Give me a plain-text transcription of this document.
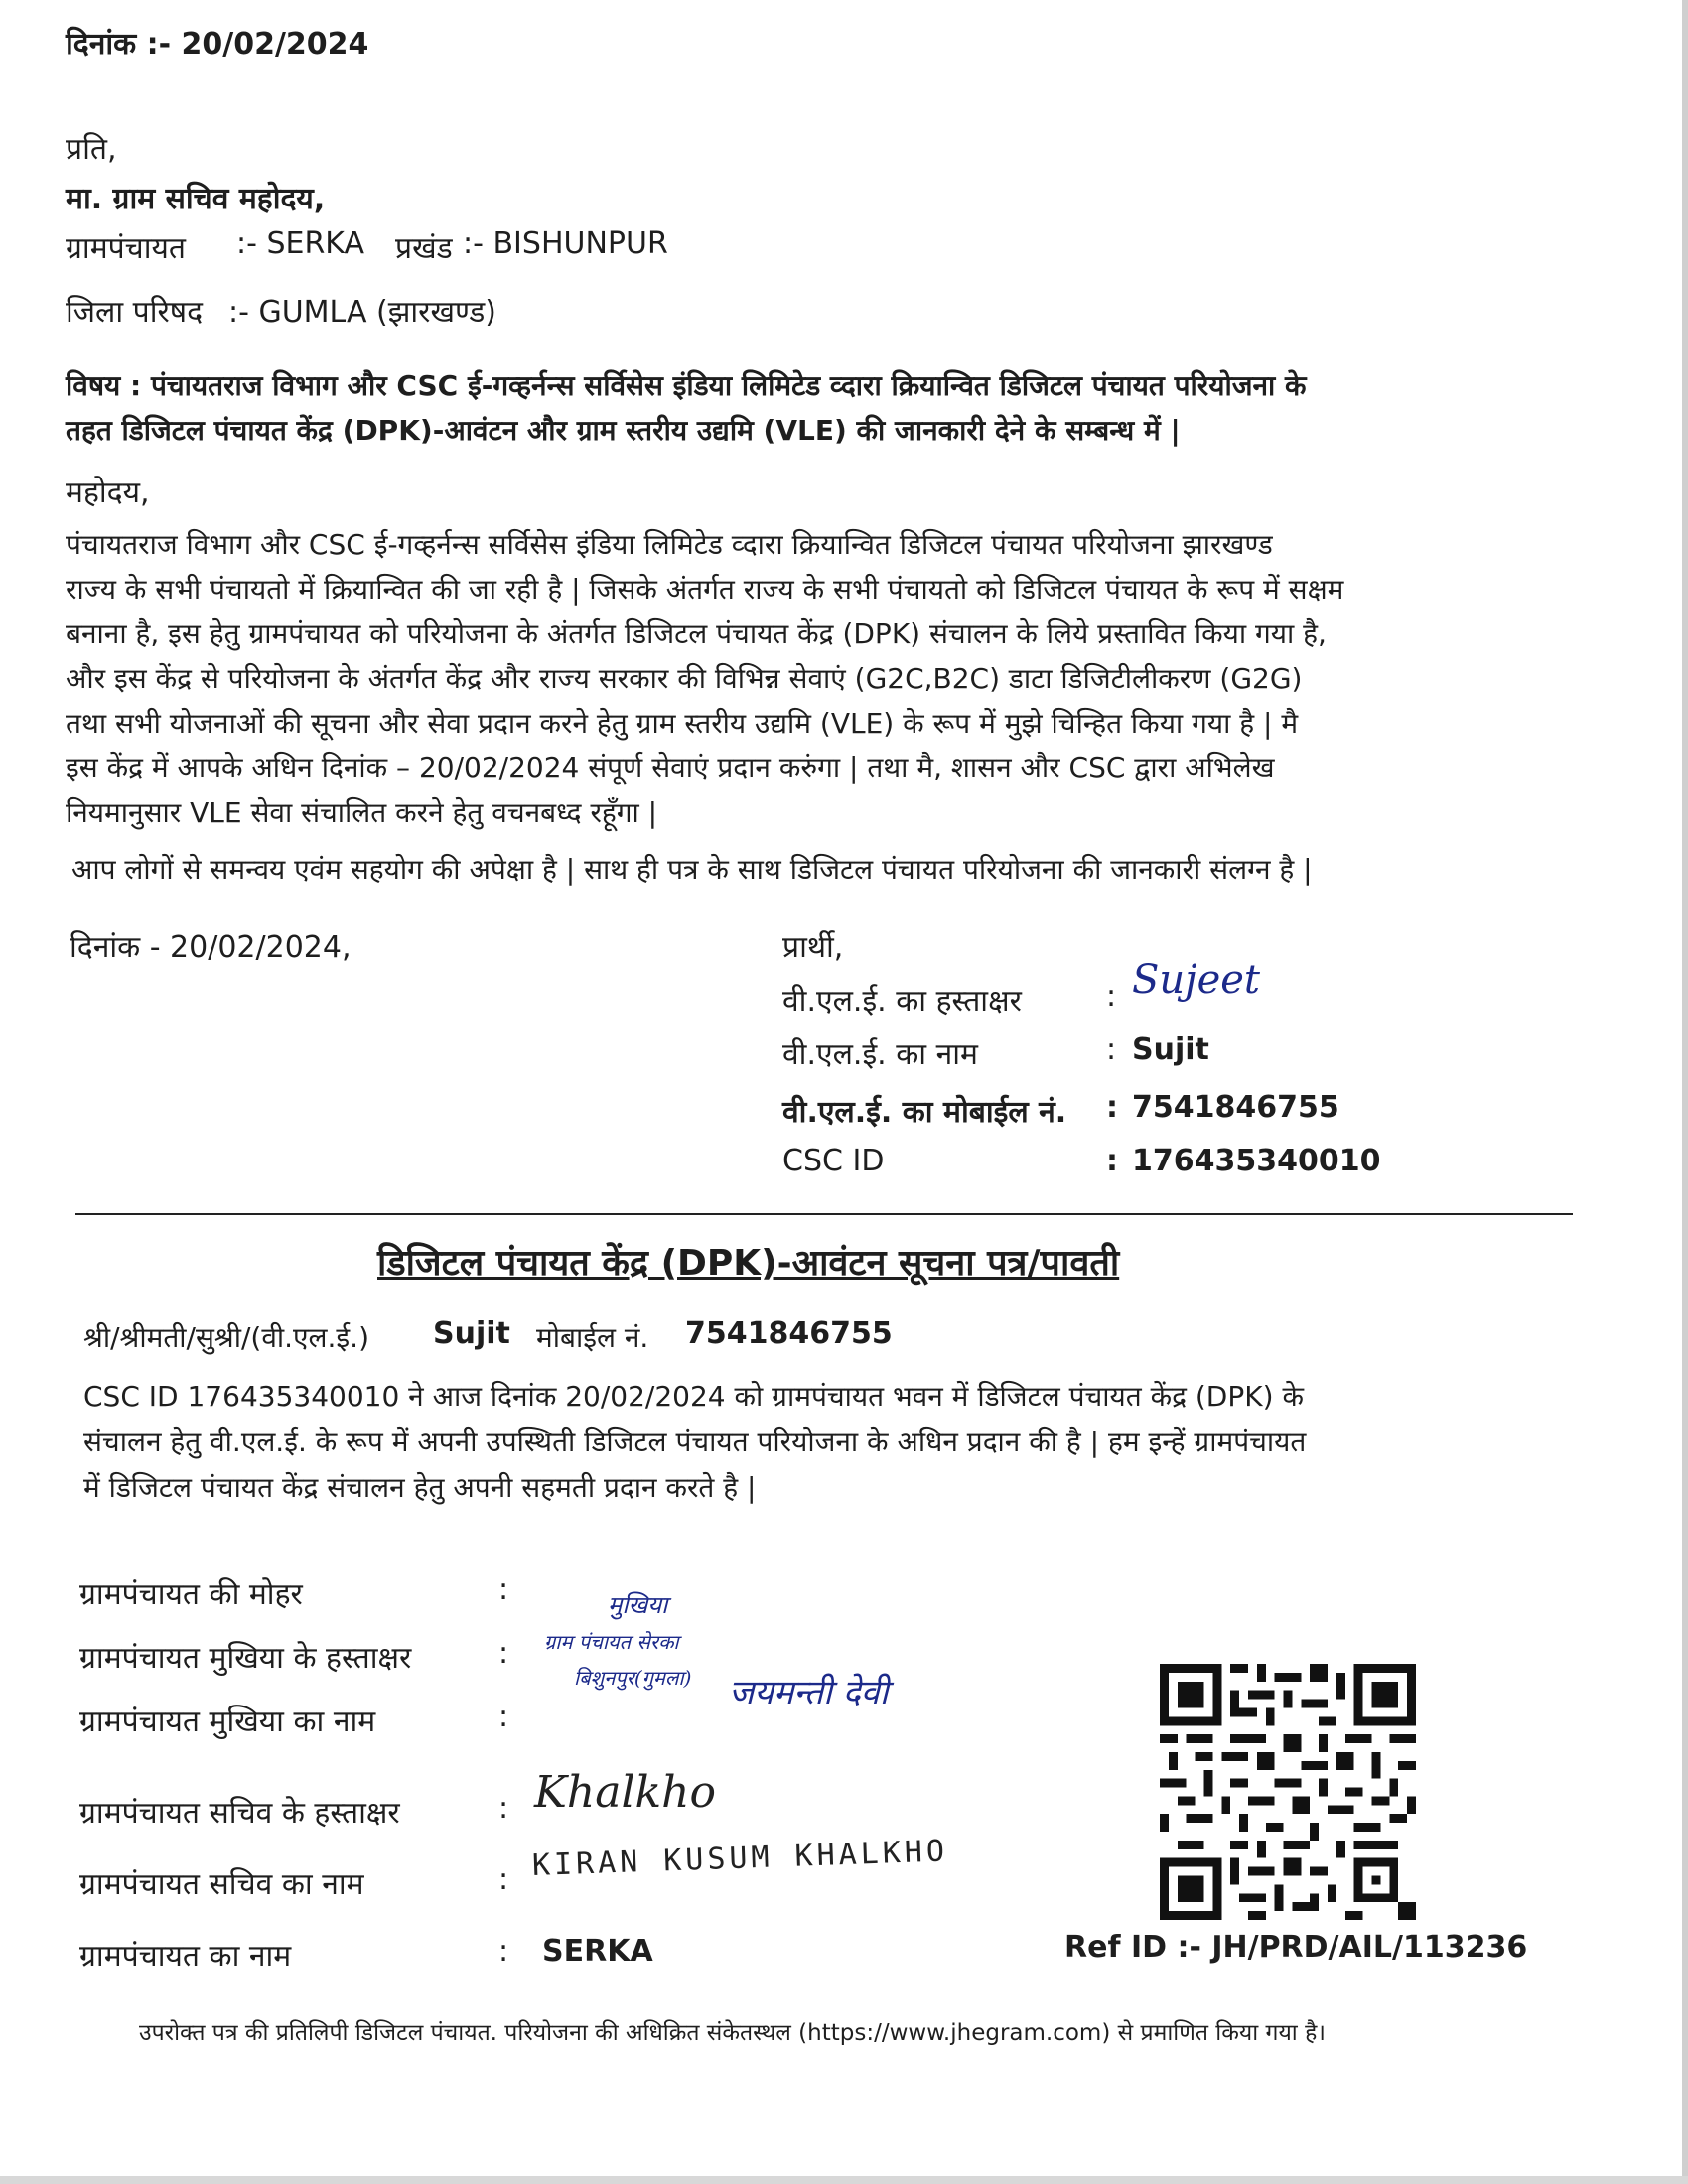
दिनांक :- 20/02/2024
प्रति,
मा. ग्राम सचिव महोदय,
ग्रामपंचायत :- SERKA प्रखंड :- BISHUNPUR
जिला परिषद :- GUMLA (झारखण्ड)

विषय : पंचायतराज विभाग और CSC ई-गव्हर्नन्स सर्विसेस इंडिया लिमिटेड व्दारा क्रियान्वित डिजिटल पंचायत परियोजना के

तहत डिजिटल पंचायत केंद्र (DPK)-आवंटन और ग्राम स्तरीय उद्यमि (VLE) की जानकारी देने के सम्बन्ध में |

महोदय,

पंचायतराज विभाग और CSC ई-गव्हर्नन्स सर्विसेस इंडिया लिमिटेड व्दारा क्रियान्वित डिजिटल पंचायत परियोजना झारखण्ड

राज्य के सभी पंचायतो में क्रियान्वित की जा रही है | जिसके अंतर्गत राज्य के सभी पंचायतो को डिजिटल पंचायत के रूप में सक्षम

बनाना है, इस हेतु ग्रामपंचायत को परियोजना के अंतर्गत डिजिटल पंचायत केंद्र (DPK) संचालन के लिये प्रस्तावित किया गया है,

और इस केंद्र से परियोजना के अंतर्गत केंद्र और राज्य सरकार की विभिन्न सेवाएं (G2C,B2C) डाटा डिजिटीलीकरण (G2G)

तथा सभी योजनाओं की सूचना और सेवा प्रदान करने हेतु ग्राम स्तरीय उद्यमि (VLE) के रूप में मुझे चिन्हित किया गया है | मै

इस केंद्र में आपके अधिन दिनांक – 20/02/2024 संपूर्ण सेवाएं प्रदान करुंगा | तथा मै, शासन और CSC द्वारा अभिलेख

नियमानुसार VLE सेवा संचालित करने हेतु वचनबध्द रहूँगा |

आप लोगों से समन्वय एवंम सहयोग की अपेक्षा है | साथ ही पत्र के साथ डिजिटल पंचायत परियोजना की जानकारी संलग्न है |
दिनांक - 20/02/2024,	प्रार्थी,
वी.एल.ई. का हस्ताक्षर	: Sujeet
वी.एल.ई. का नाम	: Sujit
वी.एल.ई. का मोबाईल नं. : 7541846755
CSC ID	: 176435340010
डिजिटल पंचायत केंद्र (DPK)-आवंटन सूचना पत्र/पावती
श्री/श्रीमती/सुश्री/(वी.एल.ई.) Sujit मोबाईल नं. 7541846755

CSC ID 176435340010 ने आज दिनांक 20/02/2024 को ग्रामपंचायत भवन में डिजिटल पंचायत केंद्र (DPK) के

संचालन हेतु वी.एल.ई. के रूप में अपनी उपस्थिती डिजिटल पंचायत परियोजना के अधिन प्रदान की है | हम इन्हें ग्रामपंचायत

में डिजिटल पंचायत केंद्र संचालन हेतु अपनी सहमती प्रदान करते है |

ग्रामपंचायत की मोहर	:
ग्रामपंचायत मुखिया के हस्ताक्षर	:
ग्रामपंचायत मुखिया का नाम	:
मुखिया
ग्राम पंचायत सेरका
बिशुनपुर(गुमला) जयमन्ती देवी
ग्रामपंचायत सचिव के हस्ताक्षर	: Khalkho
ग्रामपंचायत सचिव का नाम	: KIRAN KUSUM KHALKHO
ग्रामपंचायत का नाम	: SERKA	Ref ID :- JH/PRD/AIL/113236
उपरोक्त पत्र की प्रतिलिपी डिजिटल पंचायत. परियोजना की अधिक्रित संकेतस्थल (https://www.jhegram.com) से प्रमाणित किया गया है।
